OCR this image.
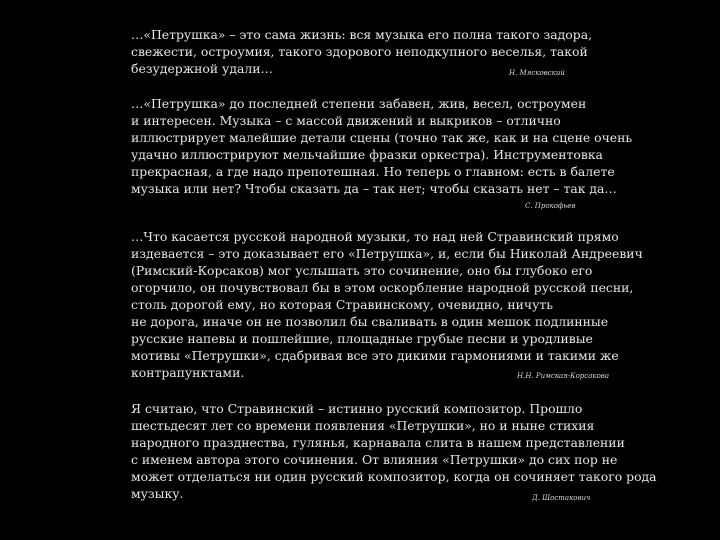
…«Петрушка» – это сама жизнь: вся музыка его полна такого задора,
свежести, остроумия, такого здорового неподкупного веселья, такой
безудержной удали…	Н. Мясковский
…«Петрушка» до последней степени забавен, жив, весел, остроумен
и интересен. Музыка – с массой движений и выкриков – отлично
иллюстрирует малейшие детали сцены (точно так же, как и на сцене очень
удачно иллюстрируют мельчайшие фразки оркестра). Инструментовка
прекрасная, а где надо препотешная. Но теперь о главном: есть в балете
музыка или нет? Чтобы сказать да – так нет; чтобы сказать нет – так да…
С. Прокофьев
…Что касается русской народной музыки, то над ней Стравинский прямо
издевается – это доказывает его «Петрушка», и, если бы Николай Андреевич
(Римский-Корсаков) мог услышать это сочинение, оно бы глубоко его
огорчило, он почувствовал бы в этом оскорбление народной русской песни,
столь дорогой ему, но которая Стравинскому, очевидно, ничуть
не дорога, иначе он не позволил бы сваливать в один мешок подлинные
русские напевы и пошлейшие, площадные грубые песни и уродливые
мотивы «Петрушки», сдабривая все это дикими гармониями и такими же
контрапунктами.	Н.Н. Римская-Корсакова
Я считаю, что Стравинский – истинно русский композитор. Прошло
шестьдесят лет со времени появления «Петрушки», но и ныне стихия
народного празднества, гулянья, карнавала слита в нашем представлении
с именем автора этого сочинения. От влияния «Петрушки» до сих пор не
может отделаться ни один русский композитор, когда он сочиняет такого рода
музыку.	Д. Шостакович
